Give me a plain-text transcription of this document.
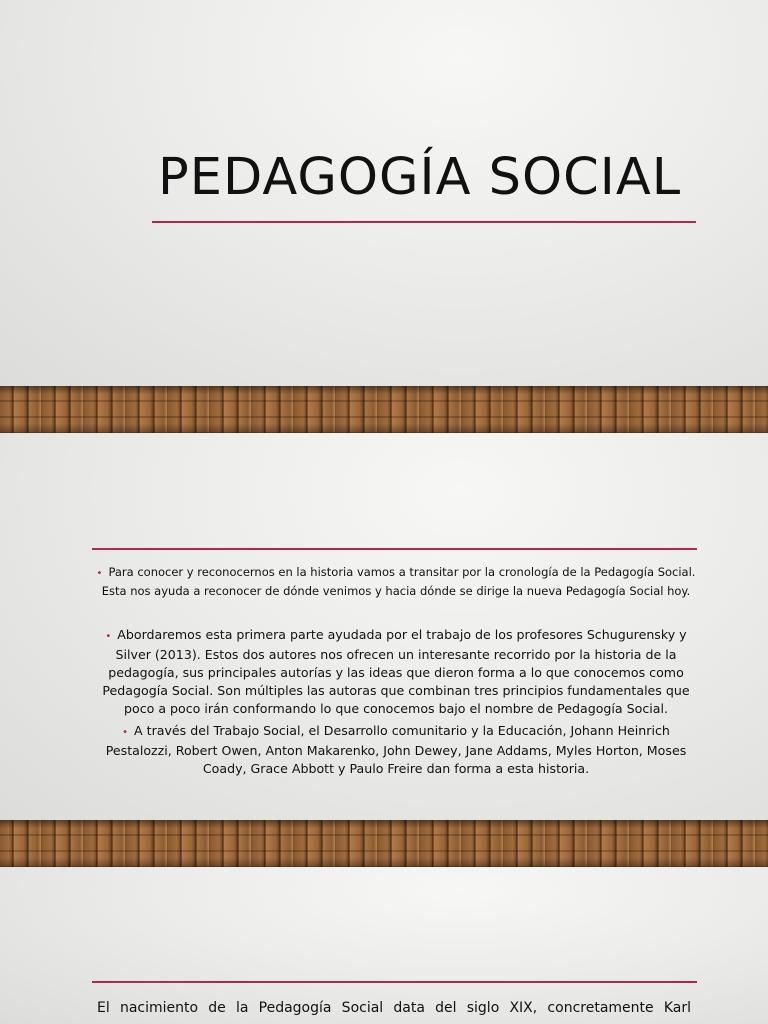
PEDAGOGÍA SOCIAL
• Para conocer y reconocernos en la historia vamos a transitar por la cronología de la Pedagogía Social. Esta nos ayuda a reconocer de dónde venimos y hacia dónde se dirige la nueva Pedagogía Social hoy.
• Abordaremos esta primera parte ayudada por el trabajo de los profesores Schugurensky y Silver (2013). Estos dos autores nos ofrecen un interesante recorrido por la historia de la pedagogía, sus principales autorías y las ideas que dieron forma a lo que conocemos como Pedagogía Social. Son múltiples las autoras que combinan tres principios fundamentales que poco a poco irán conformando lo que conocemos bajo el nombre de Pedagogía Social.
• A través del Trabajo Social, el Desarrollo comunitario y la Educación, Johann Heinrich Pestalozzi, Robert Owen, Anton Makarenko, John Dewey, Jane Addams, Myles Horton, Moses Coady, Grace Abbott y Paulo Freire dan forma a esta historia.
El nacimiento de la Pedagogía Social data del siglo XIX, concretamente Karl
